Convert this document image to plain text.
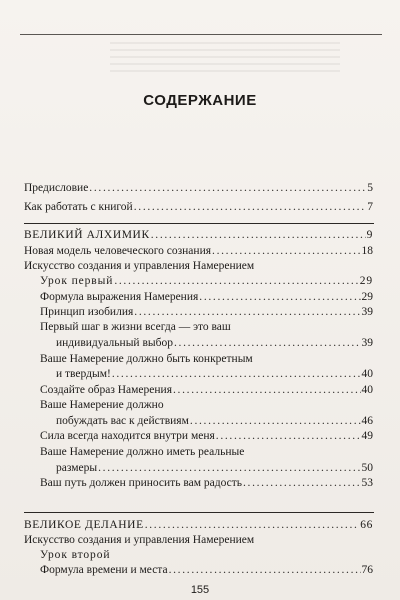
СОДЕРЖАНИЕ
Предисловие . . .	5
Как работать с книгой . . .	7
ВЕЛИКИЙ АЛХИМИК . . .	9
Новая модель человеческого сознания . . .	18
Искусство создания и управления Намерением
Урок первый . . .	29
Формула выражения Намерения . . .	29
Принцип изобилия . . .	39
Первый шаг в жизни всегда — это ваш
индивидуальный выбор . . .	39
Ваше Намерение должно быть конкретным
и твердым! . . .	40
Создайте образ Намерения . . .	40
Ваше Намерение должно
побуждать вас к действиям . . .	46
Сила всегда находится внутри меня . . .	49
Ваше Намерение должно иметь реальные
размеры . . .	50
Ваш путь должен приносить вам радость . . .	53
ВЕЛИКОЕ ДЕЛАНИЕ . . .	66
Искусство создания и управления Намерением
Урок второй
Формула времени и места . . .	76
155
